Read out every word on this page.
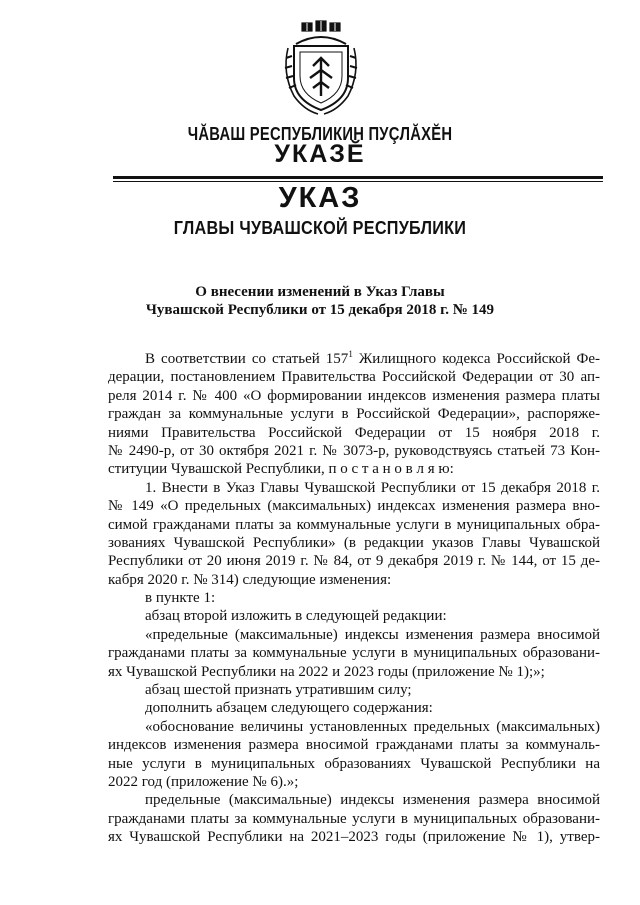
ЧĂВАШ РЕСПУБЛИКИН ПУÇЛĂХĔН
УКАЗĔ
УКАЗ
ГЛАВЫ ЧУВАШСКОЙ РЕСПУБЛИКИ
О внесении изменений в Указ Главы
Чувашской Республики от 15 декабря 2018 г. № 149
В соответствии со статьей $157^1$ Жилищного кодекса Российской Фе-
дерации, постановлением Правительства Российской Федерации от 30 ап-
реля 2014 г. № 400 «О формировании индексов изменения размера платы
граждан за коммунальные услуги в Российской Федерации», распоряже-
ниями Правительства Российской Федерации от 15 ноября 2018 г.
№ 2490-р, от 30 октября 2021 г. № 3073-р, руководствуясь статьей 73 Кон-
ституции Чувашской Республики, п о с т а н о в л я ю:
1. Внести в Указ Главы Чувашской Республики от 15 декабря 2018 г.
№ 149 «О предельных (максимальных) индексах изменения размера вно-
симой гражданами платы за коммунальные услуги в муниципальных обра-
зованиях Чувашской Республики» (в редакции указов Главы Чувашской
Республики от 20 июня 2019 г. № 84, от 9 декабря 2019 г. № 144, от 15 де-
кабря 2020 г. № 314) следующие изменения:
в пункте 1:
абзац второй изложить в следующей редакции:
«предельные (максимальные) индексы изменения размера вносимой
гражданами платы за коммунальные услуги в муниципальных образовани-
ях Чувашской Республики на 2022 и 2023 годы (приложение № 1);»;
абзац шестой признать утратившим силу;
дополнить абзацем следующего содержания:
«обоснование величины установленных предельных (максимальных)
индексов изменения размера вносимой гражданами платы за коммуналь-
ные услуги в муниципальных образованиях Чувашской Республики на
2022 год (приложение № 6).»;
предельные (максимальные) индексы изменения размера вносимой
гражданами платы за коммунальные услуги в муниципальных образовани-
ях Чувашской Республики на 2021–2023 годы (приложение № 1), утвер-
